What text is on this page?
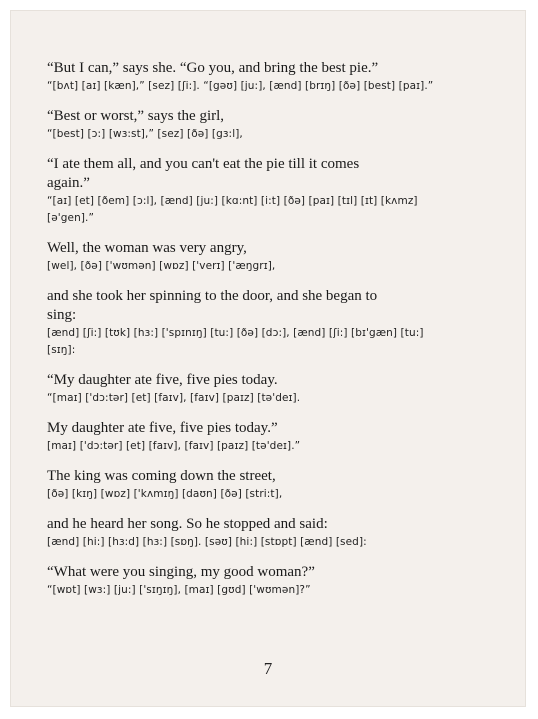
“But I can,” says she. “Go you, and bring the best pie.”
“[bʌt] [aɪ] [kæn],” [sez] [ʃi:]. “[gəʊ] [ju:], [ænd] [brɪŋ] [ðə] [best] [paɪ].”
“Best or worst,” says the girl,
“[best] [ɔ:] [wɜ:st],” [sez] [ðə] [gɜ:l],
“I ate them all, and you can't eat the pie till it comes
again.”
“[aɪ] [et] [ðem] [ɔ:l], [ænd] [ju:] [kɑ:nt] [i:t] [ðə] [paɪ] [tɪl] [ɪt] [kʌmz]
[ə'gen].”
Well, the woman was very angry,
[wel], [ðə] ['wʊmən] [wɒz] ['verɪ] ['æŋgrɪ],
and she took her spinning to the door, and she began to
sing:
[ænd] [ʃi:] [tʊk] [hɜ:] ['spɪnɪŋ] [tu:] [ðə] [dɔ:], [ænd] [ʃi:] [bɪ'gæn] [tu:]
[sɪŋ]:
“My daughter ate five, five pies today.
“[maɪ] ['dɔ:tər] [et] [faɪv], [faɪv] [paɪz] [tə'deɪ].
My daughter ate five, five pies today.”
[maɪ] ['dɔ:tər] [et] [faɪv], [faɪv] [paɪz] [tə'deɪ].”
The king was coming down the street,
[ðə] [kɪŋ] [wɒz] ['kʌmɪŋ] [daʊn] [ðə] [stri:t],
and he heard her song. So he stopped and said:
[ænd] [hi:] [hɜ:d] [hɜ:] [sɒŋ]. [səʊ] [hi:] [stɒpt] [ænd] [sed]:
“What were you singing, my good woman?”
“[wɒt] [wɜ:] [ju:] ['sɪŋɪŋ], [maɪ] [gʊd] ['wʊmən]?”
7
